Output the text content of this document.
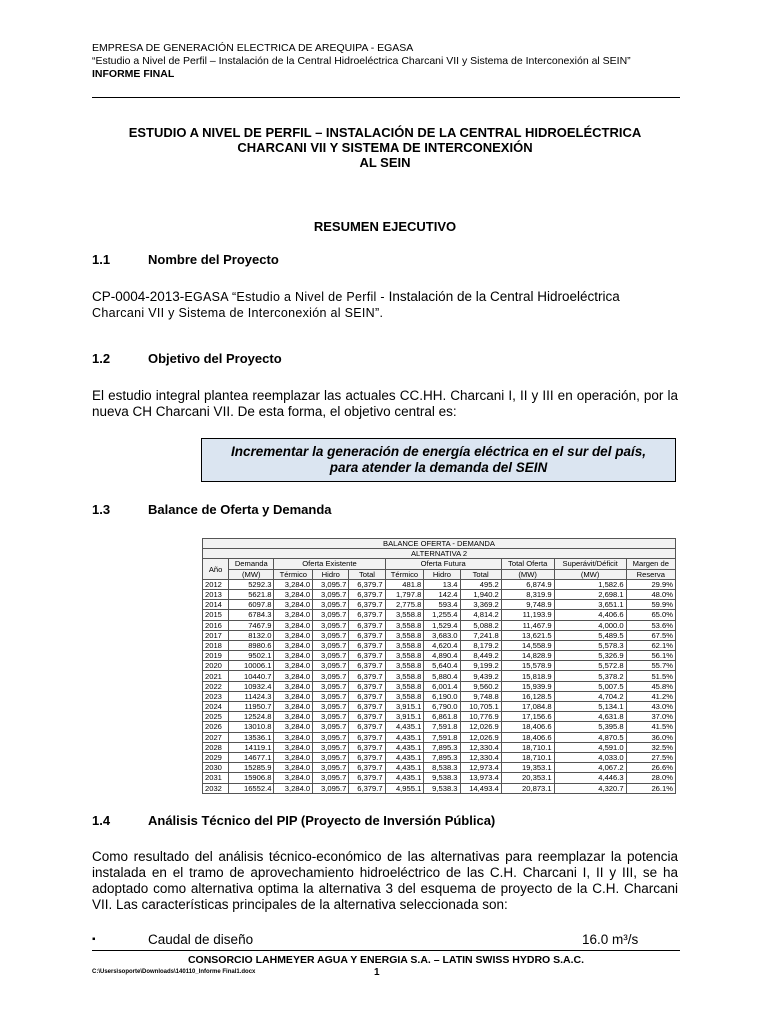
EMPRESA DE GENERACIÓN ELECTRICA DE AREQUIPA - EGASA
“Estudio a Nivel de Perfil – Instalación de la Central Hidroeléctrica Charcani VII y Sistema de Interconexión al SEIN”
INFORME FINAL
ESTUDIO A NIVEL DE PERFIL – INSTALACIÓN DE LA CENTRAL HIDROELÉCTRICA
CHARCANI VII Y SISTEMA DE INTERCONEXIÓN
AL SEIN
RESUMEN EJECUTIVO
1.1	Nombre del Proyecto
CP-0004-2013-EGASA “Estudio a Nivel de Perfil - Instalación de la Central Hidroeléctrica
Charcani VII y Sistema de Interconexión al SEIN”.
1.2	Objetivo del Proyecto
El estudio integral plantea reemplazar las actuales CC.HH. Charcani I, II y III en operación, por la nueva CH Charcani VII. De esta forma, el objetivo central es:
Incrementar la generación de energía eléctrica en el sur del país,
para atender la demanda del SEIN
1.3	Balance de Oferta y Demanda
BALANCE OFERTA - DEMANDA										
ALTERNATIVA 2										
Año	Demanda	Oferta Existente			Oferta Futura			Total Oferta	Superávit/Déficit	Margen de
	(MW)	Térmico	Hidro	Total	Térmico	Hidro	Total	(MW)	(MW)	Reserva
2012	5292.3	3,284.0	3,095.7	6,379.7	481.8	13.4	495.2	6,874.9	1,582.6	29.9%
2013	5621.8	3,284.0	3,095.7	6,379.7	1,797.8	142.4	1,940.2	8,319.9	2,698.1	48.0%
2014	6097.8	3,284.0	3,095.7	6,379.7	2,775.8	593.4	3,369.2	9,748.9	3,651.1	59.9%
2015	6784.3	3,284.0	3,095.7	6,379.7	3,558.8	1,255.4	4,814.2	11,193.9	4,406.6	65.0%
2016	7467.9	3,284.0	3,095.7	6,379.7	3,558.8	1,529.4	5,088.2	11,467.9	4,000.0	53.6%
2017	8132.0	3,284.0	3,095.7	6,379.7	3,558.8	3,683.0	7,241.8	13,621.5	5,489.5	67.5%
2018	8980.6	3,284.0	3,095.7	6,379.7	3,558.8	4,620.4	8,179.2	14,558.9	5,578.3	62.1%
2019	9502.1	3,284.0	3,095.7	6,379.7	3,558.8	4,890.4	8,449.2	14,828.9	5,326.9	56.1%
2020	10006.1	3,284.0	3,095.7	6,379.7	3,558.8	5,640.4	9,199.2	15,578.9	5,572.8	55.7%
2021	10440.7	3,284.0	3,095.7	6,379.7	3,558.8	5,880.4	9,439.2	15,818.9	5,378.2	51.5%
2022	10932.4	3,284.0	3,095.7	6,379.7	3,558.8	6,001.4	9,560.2	15,939.9	5,007.5	45.8%
2023	11424.3	3,284.0	3,095.7	6,379.7	3,558.8	6,190.0	9,748.8	16,128.5	4,704.2	41.2%
2024	11950.7	3,284.0	3,095.7	6,379.7	3,915.1	6,790.0	10,705.1	17,084.8	5,134.1	43.0%
2025	12524.8	3,284.0	3,095.7	6,379.7	3,915.1	6,861.8	10,776.9	17,156.6	4,631.8	37.0%
2026	13010.8	3,284.0	3,095.7	6,379.7	4,435.1	7,591.8	12,026.9	18,406.6	5,395.8	41.5%
2027	13536.1	3,284.0	3,095.7	6,379.7	4,435.1	7,591.8	12,026.9	18,406.6	4,870.5	36.0%
2028	14119.1	3,284.0	3,095.7	6,379.7	4,435.1	7,895.3	12,330.4	18,710.1	4,591.0	32.5%
2029	14677.1	3,284.0	3,095.7	6,379.7	4,435.1	7,895.3	12,330.4	18,710.1	4,033.0	27.5%
2030	15285.9	3,284.0	3,095.7	6,379.7	4,435.1	8,538.3	12,973.4	19,353.1	4,067.2	26.6%
2031	15906.8	3,284.0	3,095.7	6,379.7	4,435.1	9,538.3	13,973.4	20,353.1	4,446.3	28.0%
2032	16552.4	3,284.0	3,095.7	6,379.7	4,955.1	9,538.3	14,493.4	20,873.1	4,320.7	26.1%
1.4	Análisis Técnico del PIP (Proyecto de Inversión Pública)
Como resultado del análisis técnico-económico de las alternativas para reemplazar la potencia instalada en el tramo de aprovechamiento hidroeléctrico de las C.H. Charcani I, II y III, se ha adoptado como alternativa optima la alternativa 3 del esquema de proyecto de la C.H. Charcani VII. Las características principales de la alternativa seleccionada son:
▪	Caudal de diseño	16.0 m³/s
CONSORCIO LAHMEYER AGUA Y ENERGIA S.A. – LATIN SWISS HYDRO S.A.C.
C:\Users\soporte\Downloads\140110_Informe Final1.docx	1
